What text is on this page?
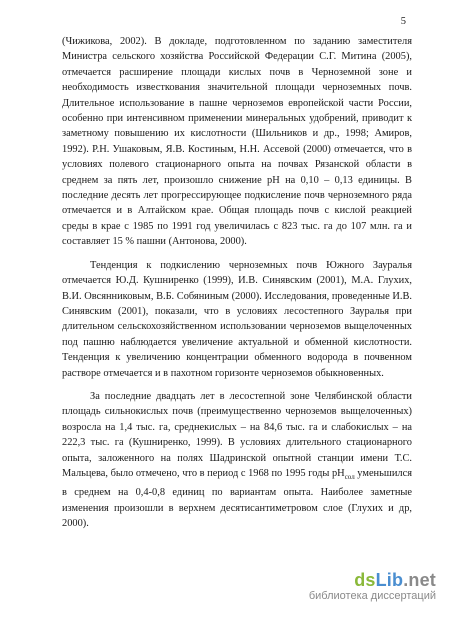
5

(Чижикова, 2002). В докладе, подготовленном по заданию заместителя Министра сельского хозяйства Российской Федерации С.Г. Митина (2005), отмечается расширение площади кислых почв в Черноземной зоне и необходимость известкования значительной площади черноземных почв. Длительное использование в пашне черноземов европейской части России, особенно при интенсивном применении минеральных удобрений, приводит к заметному повышению их кислотности (Шильников и др., 1998; Амиров, 1992). Р.Н. Ушаковым, Я.В. Костиным, Н.Н. Ассевой (2000) отмечается, что в условиях полевого стационарного опыта на почвах Рязанской области в среднем за пять лет, произошло снижение pH на 0,10 – 0,13 единицы. В последние десять лет прогрессирующее подкисление почв черноземного ряда отмечается и в Алтайском крае. Общая площадь почв с кислой реакцией среды в крае с 1985 по 1991 год увеличилась с 823 тыс. га до 107 млн. га и составляет 15 % пашни (Антонова, 2000).

Тенденция к подкислению черноземных почв Южного Зауралья отмечается Ю.Д. Кушниренко (1999), И.В. Синявским (2001), М.А. Глухих, В.И. Овсянниковым, В.Б. Собяниным (2000). Исследования, проведенные И.В. Синявским (2001), показали, что в условиях лесостепного Зауралья при длительном сельскохозяйственном использовании черноземов выщелоченных под пашню наблюдается увеличение актуальной и обменной кислотности. Тенденция к увеличению концентрации обменного водорода в почвенном растворе отмечается и в пахотном горизонте черноземов обыкновенных.

За последние двадцать лет в лесостепной зоне Челябинской области площадь сильнокислых почв (преимущественно черноземов выщелоченных) возросла на 1,4 тыс. га, среднекислых – на 84,6 тыс. га и слабокислых – на 222,3 тыс. га (Кушниренко, 1999). В условиях длительного стационарного опыта, заложенного на полях Шадринской опытной станции имени Т.С. Мальцева, было отмечено, что в период с 1968 по 1995 годы $pH_{сол}$ уменьшился в среднем на 0,4-0,8 единиц по вариантам опыта. Наиболее заметные изменения произошли в верхнем десятисантиметровом слое (Глухих и др, 2000).

dsLib.net
библиотека диссертаций
